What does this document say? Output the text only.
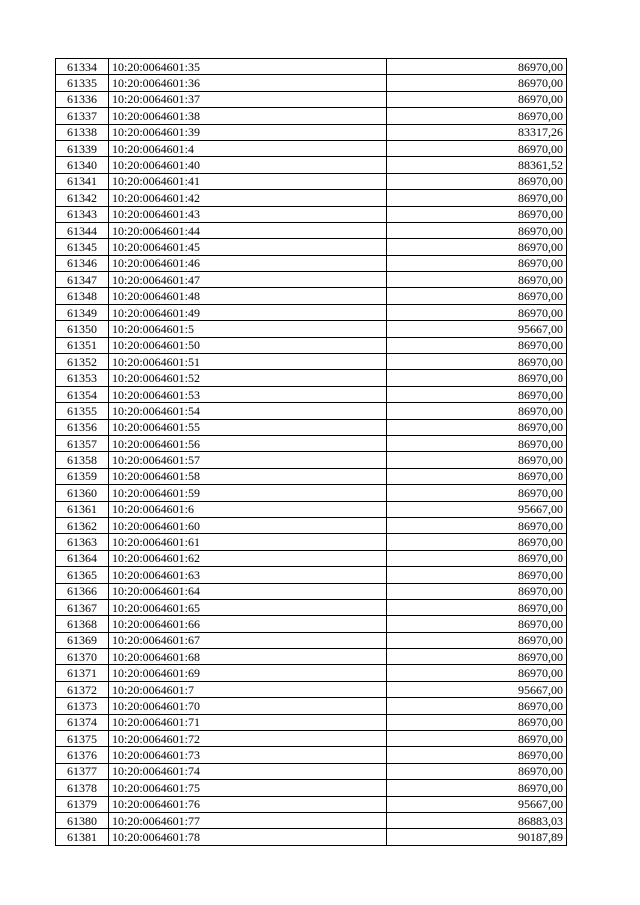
61334	10:20:0064601:35	86970,00
61335	10:20:0064601:36	86970,00
61336	10:20:0064601:37	86970,00
61337	10:20:0064601:38	86970,00
61338	10:20:0064601:39	83317,26
61339	10:20:0064601:4	86970,00
61340	10:20:0064601:40	88361,52
61341	10:20:0064601:41	86970,00
61342	10:20:0064601:42	86970,00
61343	10:20:0064601:43	86970,00
61344	10:20:0064601:44	86970,00
61345	10:20:0064601:45	86970,00
61346	10:20:0064601:46	86970,00
61347	10:20:0064601:47	86970,00
61348	10:20:0064601:48	86970,00
61349	10:20:0064601:49	86970,00
61350	10:20:0064601:5	95667,00
61351	10:20:0064601:50	86970,00
61352	10:20:0064601:51	86970,00
61353	10:20:0064601:52	86970,00
61354	10:20:0064601:53	86970,00
61355	10:20:0064601:54	86970,00
61356	10:20:0064601:55	86970,00
61357	10:20:0064601:56	86970,00
61358	10:20:0064601:57	86970,00
61359	10:20:0064601:58	86970,00
61360	10:20:0064601:59	86970,00
61361	10:20:0064601:6	95667,00
61362	10:20:0064601:60	86970,00
61363	10:20:0064601:61	86970,00
61364	10:20:0064601:62	86970,00
61365	10:20:0064601:63	86970,00
61366	10:20:0064601:64	86970,00
61367	10:20:0064601:65	86970,00
61368	10:20:0064601:66	86970,00
61369	10:20:0064601:67	86970,00
61370	10:20:0064601:68	86970,00
61371	10:20:0064601:69	86970,00
61372	10:20:0064601:7	95667,00
61373	10:20:0064601:70	86970,00
61374	10:20:0064601:71	86970,00
61375	10:20:0064601:72	86970,00
61376	10:20:0064601:73	86970,00
61377	10:20:0064601:74	86970,00
61378	10:20:0064601:75	86970,00
61379	10:20:0064601:76	95667,00
61380	10:20:0064601:77	86883,03
61381	10:20:0064601:78	90187,89
